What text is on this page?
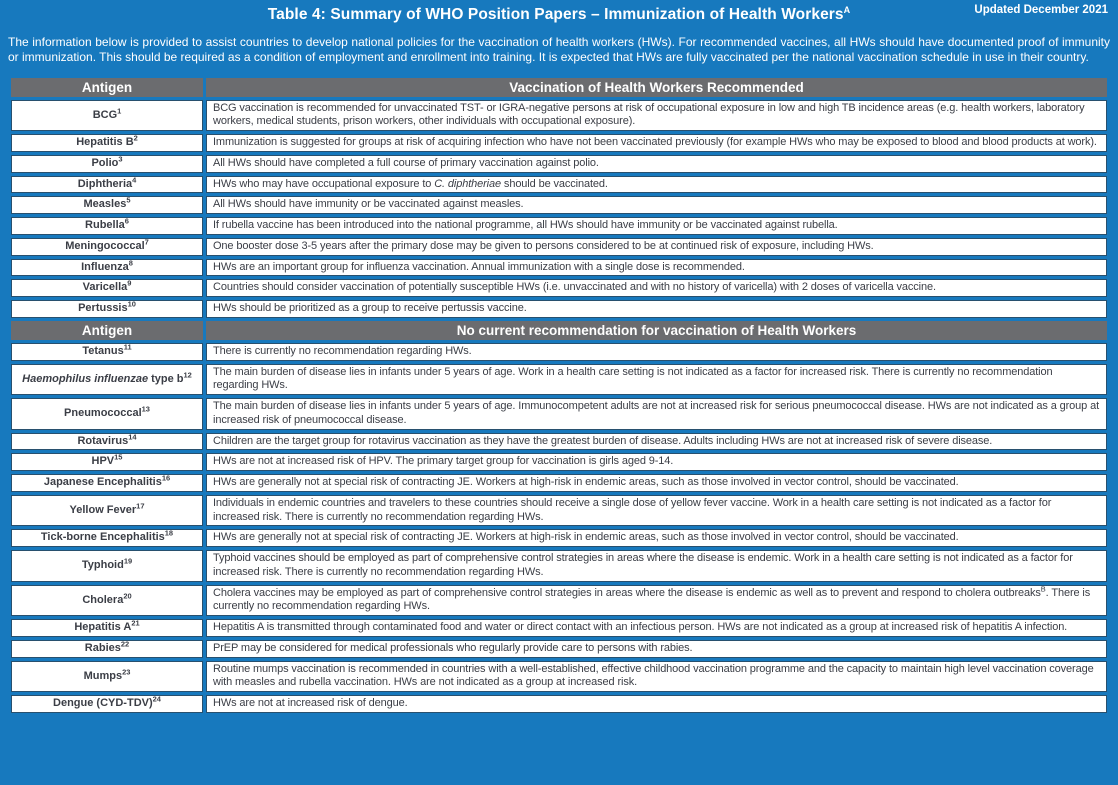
Updated December 2021
Table 4: Summary of WHO Position Papers – Immunization of Health Workers$^A$

The information below is provided to assist countries to develop national policies for the vaccination of health workers (HWs). For recommended vaccines, all HWs should have documented proof of immunity or immunization. This should be required as a condition of employment and enrollment into training. It is expected that HWs are fully vaccinated per the national vaccination schedule in use in their country.

Antigen	Vaccination of Health Workers Recommended
BCG$^1$	BCG vaccination is recommended for unvaccinated TST- or IGRA-negative persons at risk of occupational exposure in low and high TB incidence areas (e.g. health workers, laboratory workers, medical students, prison workers, other individuals with occupational exposure).
Hepatitis $B^2$	Immunization is suggested for groups at risk of acquiring infection who have not been vaccinated previously (for example HWs who may be exposed to blood and blood products at work).
Polio$^3$	All HWs should have completed a full course of primary vaccination against polio.
Diphtheria$^4$	HWs who may have occupational exposure to C. diphtheriae should be vaccinated.
Measles$^5$	All HWs should have immunity or be vaccinated against measles.
Rubella$^6$	If rubella vaccine has been introduced into the national programme, all HWs should have immunity or be vaccinated against rubella.
Meningococcal$^7$	One booster dose 3-5 years after the primary dose may be given to persons considered to be at continued risk of exposure, including HWs.
Influenza$^8$	HWs are an important group for influenza vaccination. Annual immunization with a single dose is recommended.
Varicella$^9$	Countries should consider vaccination of potentially susceptible HWs (i.e. unvaccinated and with no history of varicella) with 2 doses of varicella vaccine.
Pertussis$^{10}$	HWs should be prioritized as a group to receive pertussis vaccine.
Antigen	No current recommendation for vaccination of Health Workers
Tetanus$^{11}$	There is currently no recommendation regarding HWs.
Haemophilus influenzae type $b^{12}$	The main burden of disease lies in infants under 5 years of age. Work in a health care setting is not indicated as a factor for increased risk. There is currently no recommendation regarding HWs.
Pneumococcal$^{13}$	The main burden of disease lies in infants under 5 years of age. Immunocompetent adults are not at increased risk for serious pneumococcal disease. HWs are not indicated as a group at increased risk of pneumococcal disease.
Rotavirus$^{14}$	Children are the target group for rotavirus vaccination as they have the greatest burden of disease. Adults including HWs are not at increased risk of severe disease.
HPV$^{15}$	HWs are not at increased risk of HPV. The primary target group for vaccination is girls aged 9-14.
Japanese Encephalitis$^{16}$	HWs are generally not at special risk of contracting JE. Workers at high-risk in endemic areas, such as those involved in vector control, should be vaccinated.
Yellow Fever$^{17}$	Individuals in endemic countries and travelers to these countries should receive a single dose of yellow fever vaccine. Work in a health care setting is not indicated as a factor for increased risk. There is currently no recommendation regarding HWs.
Tick-borne Encephalitis$^{18}$	HWs are generally not at special risk of contracting JE. Workers at high-risk in endemic areas, such as those involved in vector control, should be vaccinated.
Typhoid$^{19}$	Typhoid vaccines should be employed as part of comprehensive control strategies in areas where the disease is endemic. Work in a health care setting is not indicated as a factor for increased risk. There is currently no recommendation regarding HWs.
Cholera$^{20}$	Cholera vaccines may be employed as part of comprehensive control strategies in areas where the disease is endemic as well as to prevent and respond to cholera outbreaks$^B$. There is currently no recommendation regarding HWs.
Hepatitis $A^{21}$	Hepatitis A is transmitted through contaminated food and water or direct contact with an infectious person. HWs are not indicated as a group at increased risk of hepatitis A infection.
Rabies$^{22}$	PrEP may be considered for medical professionals who regularly provide care to persons with rabies.
Mumps$^{23}$	Routine mumps vaccination is recommended in countries with a well-established, effective childhood vaccination programme and the capacity to maintain high level vaccination coverage with measles and rubella vaccination. HWs are not indicated as a group at increased risk.
Dengue $(CYD-TDV)^{24}$	HWs are not at increased risk of dengue.
